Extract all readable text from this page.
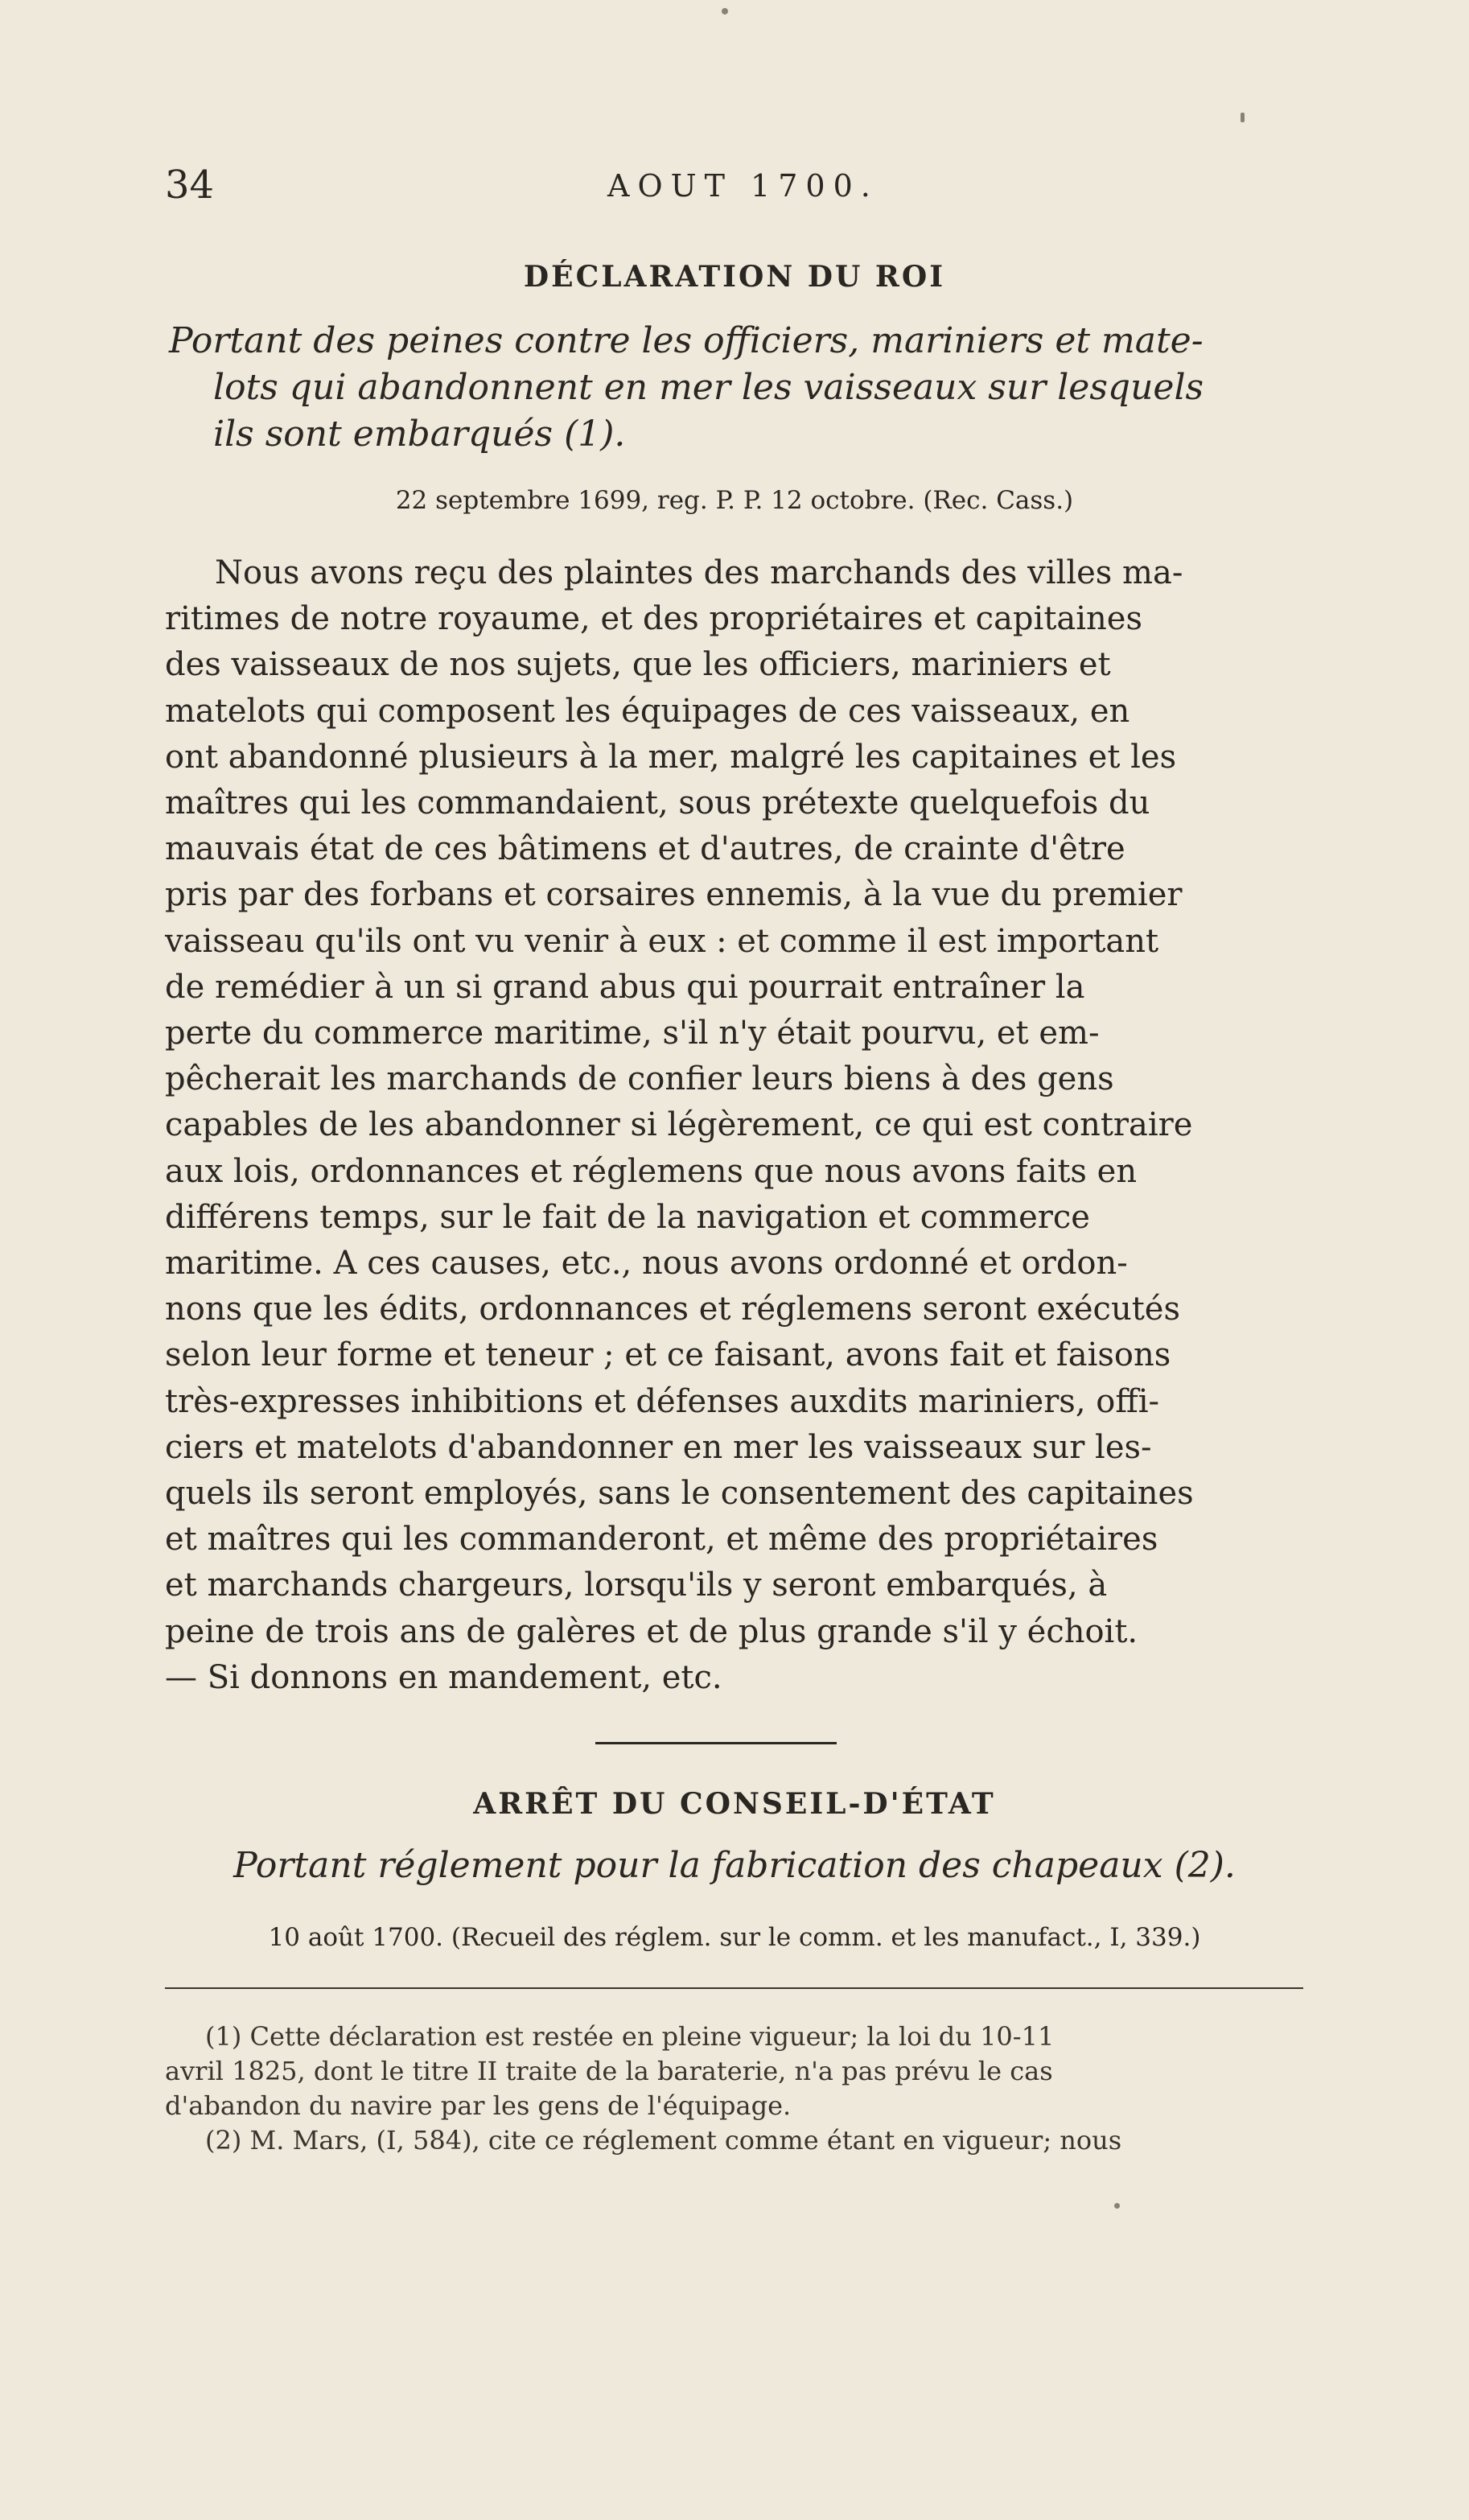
34	AOUT 1700.
DÉCLARATION DU ROI
Portant des peines contre les officiers, mariniers et mate-
lots qui abandonnent en mer les vaisseaux sur lesquels
ils sont embarqués (1).
22 septembre 1699, reg. P. P. 12 octobre. (Rec. Cass.)
Nous avons reçu des plaintes des marchands des villes ma-
ritimes de notre royaume, et des propriétaires et capitaines
des vaisseaux de nos sujets, que les officiers, mariniers et
matelots qui composent les équipages de ces vaisseaux, en
ont abandonné plusieurs à la mer, malgré les capitaines et les
maîtres qui les commandaient, sous prétexte quelquefois du
mauvais état de ces bâtimens et d'autres, de crainte d'être
pris par des forbans et corsaires ennemis, à la vue du premier
vaisseau qu'ils ont vu venir à eux : et comme il est important
de remédier à un si grand abus qui pourrait entraîner la
perte du commerce maritime, s'il n'y était pourvu, et em-
pêcherait les marchands de confier leurs biens à des gens
capables de les abandonner si légèrement, ce qui est contraire
aux lois, ordonnances et réglemens que nous avons faits en
différens temps, sur le fait de la navigation et commerce
maritime. A ces causes, etc., nous avons ordonné et ordon-
nons que les édits, ordonnances et réglemens seront exécutés
selon leur forme et teneur ; et ce faisant, avons fait et faisons
très-expresses inhibitions et défenses auxdits mariniers, offi-
ciers et matelots d'abandonner en mer les vaisseaux sur les-
quels ils seront employés, sans le consentement des capitaines
et maîtres qui les commanderont, et même des propriétaires
et marchands chargeurs, lorsqu'ils y seront embarqués, à
peine de trois ans de galères et de plus grande s'il y échoit.
— Si donnons en mandement, etc.
ARRÊT DU CONSEIL-D'ÉTAT
Portant réglement pour la fabrication des chapeaux (2).
10 août 1700. (Recueil des réglem. sur le comm. et les manufact., I, 339.)
(1) Cette déclaration est restée en pleine vigueur; la loi du 10-11
avril 1825, dont le titre II traite de la baraterie, n'a pas prévu le cas
d'abandon du navire par les gens de l'équipage.
(2) M. Mars, (I, 584), cite ce réglement comme étant en vigueur; nous
